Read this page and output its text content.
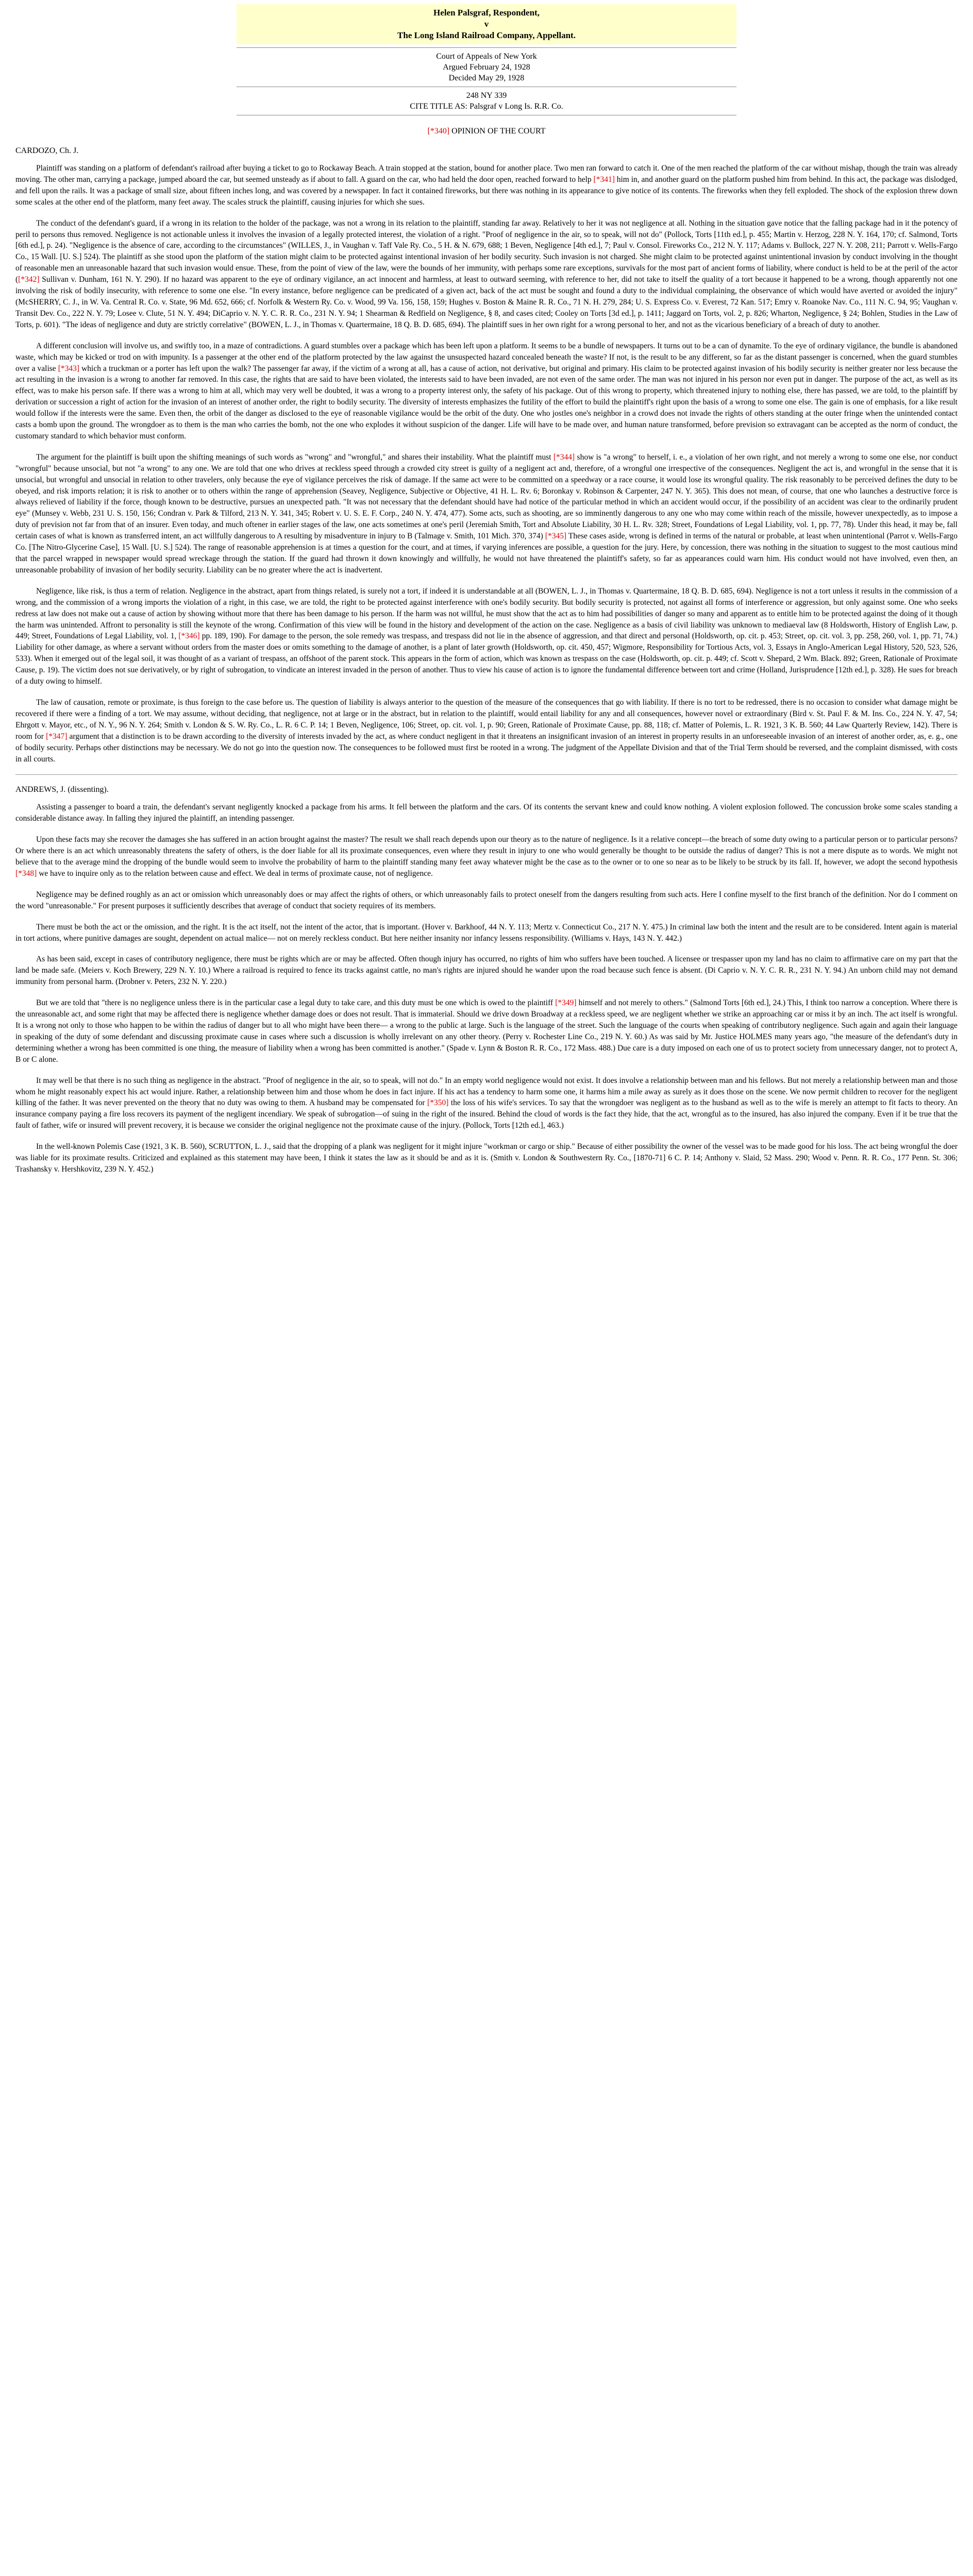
Helen Palsgraf, Respondent,
v
The Long Island Railroad Company, Appellant.
Court of Appeals of New York
Argued February 24, 1928
Decided May 29, 1928
248 NY 339
CITE TITLE AS: Palsgraf v Long Is. R.R. Co.
[*340] OPINION OF THE COURT
CARDOZO, Ch. J.

Plaintiff was standing on a platform of defendant's railroad after buying a ticket to go to Rockaway Beach. A train stopped at the station, bound for another place. Two men ran forward to catch it. One of the men reached the platform of the car without mishap, though the train was already moving. The other man, carrying a package, jumped aboard the car, but seemed unsteady as if about to fall. A guard on the car, who had held the door open, reached forward to help [*341] him in, and another guard on the platform pushed him from behind. In this act, the package was dislodged, and fell upon the rails. It was a package of small size, about fifteen inches long, and was covered by a newspaper. In fact it contained fireworks, but there was nothing in its appearance to give notice of its contents. The fireworks when they fell exploded. The shock of the explosion threw down some scales at the other end of the platform, many feet away. The scales struck the plaintiff, causing injuries for which she sues.

The conduct of the defendant's guard, if a wrong in its relation to the holder of the package, was not a wrong in its relation to the plaintiff, standing far away. Relatively to her it was not negligence at all. Nothing in the situation gave notice that the falling package had in it the potency of peril to persons thus removed. Negligence is not actionable unless it involves the invasion of a legally protected interest, the violation of a right. "Proof of negligence in the air, so to speak, will not do" (Pollock, Torts [11th ed.], p. 455; Martin v. Herzog, 228 N. Y. 164, 170; cf. Salmond, Torts [6th ed.], p. 24). "Negligence is the absence of care, according to the circumstances" (WILLES, J., in Vaughan v. Taff Vale Ry. Co., 5 H. & N. 679, 688; 1 Beven, Negligence [4th ed.], 7; Paul v. Consol. Fireworks Co., 212 N. Y. 117; Adams v. Bullock, 227 N. Y. 208, 211; Parrott v. Wells-Fargo Co., 15 Wall. [U. S.] 524). The plaintiff as she stood upon the platform of the station might claim to be protected against intentional invasion of her bodily security. Such invasion is not charged. She might claim to be protected against unintentional invasion by conduct involving in the thought of reasonable men an unreasonable hazard that such invasion would ensue. These, from the point of view of the law, were the bounds of her immunity, with perhaps some rare exceptions, survivals for the most part of ancient forms of liability, where conduct is held to be at the peril of the actor ([*342] Sullivan v. Dunham, 161 N. Y. 290). If no hazard was apparent to the eye of ordinary vigilance, an act innocent and harmless, at least to outward seeming, with reference to her, did not take to itself the quality of a tort because it happened to be a wrong, though apparently not one involving the risk of bodily insecurity, with reference to some one else. "In every instance, before negligence can be predicated of a given act, back of the act must be sought and found a duty to the individual complaining, the observance of which would have averted or avoided the injury" (McSHERRY, C. J., in W. Va. Central R. Co. v. State, 96 Md. 652, 666; cf. Norfolk & Western Ry. Co. v. Wood, 99 Va. 156, 158, 159; Hughes v. Boston & Maine R. R. Co., 71 N. H. 279, 284; U. S. Express Co. v. Everest, 72 Kan. 517; Emry v. Roanoke Nav. Co., 111 N. C. 94, 95; Vaughan v. Transit Dev. Co., 222 N. Y. 79; Losee v. Clute, 51 N. Y. 494; DiCaprio v. N. Y. C. R. R. Co., 231 N. Y. 94; 1 Shearman & Redfield on Negligence, § 8, and cases cited; Cooley on Torts [3d ed.], p. 1411; Jaggard on Torts, vol. 2, p. 826; Wharton, Negligence, § 24; Bohlen, Studies in the Law of Torts, p. 601). "The ideas of negligence and duty are strictly correlative" (BOWEN, L. J., in Thomas v. Quartermaine, 18 Q. B. D. 685, 694). The plaintiff sues in her own right for a wrong personal to her, and not as the vicarious beneficiary of a breach of duty to another.

A different conclusion will involve us, and swiftly too, in a maze of contradictions. A guard stumbles over a package which has been left upon a platform. It seems to be a bundle of newspapers. It turns out to be a can of dynamite. To the eye of ordinary vigilance, the bundle is abandoned waste, which may be kicked or trod on with impunity. Is a passenger at the other end of the platform protected by the law against the unsuspected hazard concealed beneath the waste? If not, is the result to be any different, so far as the distant passenger is concerned, when the guard stumbles over a valise [*343] which a truckman or a porter has left upon the walk? The passenger far away, if the victim of a wrong at all, has a cause of action, not derivative, but original and primary. His claim to be protected against invasion of his bodily security is neither greater nor less because the act resulting in the invasion is a wrong to another far removed. In this case, the rights that are said to have been violated, the interests said to have been invaded, are not even of the same order. The man was not injured in his person nor even put in danger. The purpose of the act, as well as its effect, was to make his person safe. If there was a wrong to him at all, which may very well be doubted, it was a wrong to a property interest only, the safety of his package. Out of this wrong to property, which threatened injury to nothing else, there has passed, we are told, to the plaintiff by derivation or succession a right of action for the invasion of an interest of another order, the right to bodily security. The diversity of interests emphasizes the futility of the effort to build the plaintiff's right upon the basis of a wrong to some one else. The gain is one of emphasis, for a like result would follow if the interests were the same. Even then, the orbit of the danger as disclosed to the eye of reasonable vigilance would be the orbit of the duty. One who jostles one's neighbor in a crowd does not invade the rights of others standing at the outer fringe when the unintended contact casts a bomb upon the ground. The wrongdoer as to them is the man who carries the bomb, not the one who explodes it without suspicion of the danger. Life will have to be made over, and human nature transformed, before prevision so extravagant can be accepted as the norm of conduct, the customary standard to which behavior must conform.

The argument for the plaintiff is built upon the shifting meanings of such words as "wrong" and "wrongful," and shares their instability. What the plaintiff must [*344] show is "a wrong" to herself, i. e., a violation of her own right, and not merely a wrong to some one else, nor conduct "wrongful" because unsocial, but not "a wrong" to any one. We are told that one who drives at reckless speed through a crowded city street is guilty of a negligent act and, therefore, of a wrongful one irrespective of the consequences. Negligent the act is, and wrongful in the sense that it is unsocial, but wrongful and unsocial in relation to other travelers, only because the eye of vigilance perceives the risk of damage. If the same act were to be committed on a speedway or a race course, it would lose its wrongful quality. The risk reasonably to be perceived defines the duty to be obeyed, and risk imports relation; it is risk to another or to others within the range of apprehension (Seavey, Negligence, Subjective or Objective, 41 H. L. Rv. 6; Boronkay v. Robinson & Carpenter, 247 N. Y. 365). This does not mean, of course, that one who launches a destructive force is always relieved of liability if the force, though known to be destructive, pursues an unexpected path. "It was not necessary that the defendant should have had notice of the particular method in which an accident would occur, if the possibility of an accident was clear to the ordinarily prudent eye" (Munsey v. Webb, 231 U. S. 150, 156; Condran v. Park & Tilford, 213 N. Y. 341, 345; Robert v. U. S. E. F. Corp., 240 N. Y. 474, 477). Some acts, such as shooting, are so imminently dangerous to any one who may come within reach of the missile, however unexpectedly, as to impose a duty of prevision not far from that of an insurer. Even today, and much oftener in earlier stages of the law, one acts sometimes at one's peril (Jeremiah Smith, Tort and Absolute Liability, 30 H. L. Rv. 328; Street, Foundations of Legal Liability, vol. 1, pp. 77, 78). Under this head, it may be, fall certain cases of what is known as transferred intent, an act willfully dangerous to A resulting by misadventure in injury to B (Talmage v. Smith, 101 Mich. 370, 374) [*345] These cases aside, wrong is defined in terms of the natural or probable, at least when unintentional (Parrot v. Wells-Fargo Co. [The Nitro-Glycerine Case], 15 Wall. [U. S.] 524). The range of reasonable apprehension is at times a question for the court, and at times, if varying inferences are possible, a question for the jury. Here, by concession, there was nothing in the situation to suggest to the most cautious mind that the parcel wrapped in newspaper would spread wreckage through the station. If the guard had thrown it down knowingly and willfully, he would not have threatened the plaintiff's safety, so far as appearances could warn him. His conduct would not have involved, even then, an unreasonable probability of invasion of her bodily security. Liability can be no greater where the act is inadvertent.

Negligence, like risk, is thus a term of relation. Negligence in the abstract, apart from things related, is surely not a tort, if indeed it is understandable at all (BOWEN, L. J., in Thomas v. Quartermaine, 18 Q. B. D. 685, 694). Negligence is not a tort unless it results in the commission of a wrong, and the commission of a wrong imports the violation of a right, in this case, we are told, the right to be protected against interference with one's bodily security. But bodily security is protected, not against all forms of interference or aggression, but only against some. One who seeks redress at law does not make out a cause of action by showing without more that there has been damage to his person. If the harm was not willful, he must show that the act as to him had possibilities of danger so many and apparent as to entitle him to be protected against the doing of it though the harm was unintended. Affront to personality is still the keynote of the wrong. Confirmation of this view will be found in the history and development of the action on the case. Negligence as a basis of civil liability was unknown to mediaeval law (8 Holdsworth, History of English Law, p. 449; Street, Foundations of Legal Liability, vol. 1, [*346] pp. 189, 190). For damage to the person, the sole remedy was trespass, and trespass did not lie in the absence of aggression, and that direct and personal (Holdsworth, op. cit. p. 453; Street, op. cit. vol. 3, pp. 258, 260, vol. 1, pp. 71, 74.) Liability for other damage, as where a servant without orders from the master does or omits something to the damage of another, is a plant of later growth (Holdsworth, op. cit. 450, 457; Wigmore, Responsibility for Tortious Acts, vol. 3, Essays in Anglo-American Legal History, 520, 523, 526, 533). When it emerged out of the legal soil, it was thought of as a variant of trespass, an offshoot of the parent stock. This appears in the form of action, which was known as trespass on the case (Holdsworth, op. cit. p. 449; cf. Scott v. Shepard, 2 Wm. Black. 892; Green, Rationale of Proximate Cause, p. 19). The victim does not sue derivatively, or by right of subrogation, to vindicate an interest invaded in the person of another. Thus to view his cause of action is to ignore the fundamental difference between tort and crime (Holland, Jurisprudence [12th ed.], p. 328). He sues for breach of a duty owing to himself.

The law of causation, remote or proximate, is thus foreign to the case before us. The question of liability is always anterior to the question of the measure of the consequences that go with liability. If there is no tort to be redressed, there is no occasion to consider what damage might be recovered if there were a finding of a tort. We may assume, without deciding, that negligence, not at large or in the abstract, but in relation to the plaintiff, would entail liability for any and all consequences, however novel or extraordinary (Bird v. St. Paul F. & M. Ins. Co., 224 N. Y. 47, 54; Ehrgott v. Mayor, etc., of N. Y., 96 N. Y. 264; Smith v. London & S. W. Ry. Co., L. R. 6 C. P. 14; 1 Beven, Negligence, 106; Street, op. cit. vol. 1, p. 90; Green, Rationale of Proximate Cause, pp. 88, 118; cf. Matter of Polemis, L. R. 1921, 3 K. B. 560; 44 Law Quarterly Review, 142). There is room for [*347] argument that a distinction is to be drawn according to the diversity of interests invaded by the act, as where conduct negligent in that it threatens an insignificant invasion of an interest in property results in an unforeseeable invasion of an interest of another order, as, e. g., one of bodily security. Perhaps other distinctions may be necessary. We do not go into the question now. The consequences to be followed must first be rooted in a wrong. The judgment of the Appellate Division and that of the Trial Term should be reversed, and the complaint dismissed, with costs in all courts.

ANDREWS, J. (dissenting).

Assisting a passenger to board a train, the defendant's servant negligently knocked a package from his arms. It fell between the platform and the cars. Of its contents the servant knew and could know nothing. A violent explosion followed. The concussion broke some scales standing a considerable distance away. In falling they injured the plaintiff, an intending passenger.

Upon these facts may she recover the damages she has suffered in an action brought against the master? The result we shall reach depends upon our theory as to the nature of negligence. Is it a relative concept—the breach of some duty owing to a particular person or to particular persons? Or where there is an act which unreasonably threatens the safety of others, is the doer liable for all its proximate consequences, even where they result in injury to one who would generally be thought to be outside the radius of danger? This is not a mere dispute as to words. We might not believe that to the average mind the dropping of the bundle would seem to involve the probability of harm to the plaintiff standing many feet away whatever might be the case as to the owner or to one so near as to be likely to be struck by its fall. If, however, we adopt the second hypothesis [*348] we have to inquire only as to the relation between cause and effect. We deal in terms of proximate cause, not of negligence.

Negligence may be defined roughly as an act or omission which unreasonably does or may affect the rights of others, or which unreasonably fails to protect oneself from the dangers resulting from such acts. Here I confine myself to the first branch of the definition. Nor do I comment on the word "unreasonable." For present purposes it sufficiently describes that average of conduct that society requires of its members.

There must be both the act or the omission, and the right. It is the act itself, not the intent of the actor, that is important. (Hover v. Barkhoof, 44 N. Y. 113; Mertz v. Connecticut Co., 217 N. Y. 475.) In criminal law both the intent and the result are to be considered. Intent again is material in tort actions, where punitive damages are sought, dependent on actual malice— not on merely reckless conduct. But here neither insanity nor infancy lessens responsibility. (Williams v. Hays, 143 N. Y. 442.)

As has been said, except in cases of contributory negligence, there must be rights which are or may be affected. Often though injury has occurred, no rights of him who suffers have been touched. A licensee or trespasser upon my land has no claim to affirmative care on my part that the land be made safe. (Meiers v. Koch Brewery, 229 N. Y. 10.) Where a railroad is required to fence its tracks against cattle, no man's rights are injured should he wander upon the road because such fence is absent. (Di Caprio v. N. Y. C. R. R., 231 N. Y. 94.) An unborn child may not demand immunity from personal harm. (Drobner v. Peters, 232 N. Y. 220.)

But we are told that "there is no negligence unless there is in the particular case a legal duty to take care, and this duty must be one which is owed to the plaintiff [*349] himself and not merely to others." (Salmond Torts [6th ed.], 24.) This, I think too narrow a conception. Where there is the unreasonable act, and some right that may be affected there is negligence whether damage does or does not result. That is immaterial. Should we drive down Broadway at a reckless speed, we are negligent whether we strike an approaching car or miss it by an inch. The act itself is wrongful. It is a wrong not only to those who happen to be within the radius of danger but to all who might have been there— a wrong to the public at large. Such is the language of the street. Such the language of the courts when speaking of contributory negligence. Such again and again their language in speaking of the duty of some defendant and discussing proximate cause in cases where such a discussion is wholly irrelevant on any other theory. (Perry v. Rochester Line Co., 219 N. Y. 60.) As was said by Mr. Justice HOLMES many years ago, "the measure of the defendant's duty in determining whether a wrong has been committed is one thing, the measure of liability when a wrong has been committed is another." (Spade v. Lynn & Boston R. R. Co., 172 Mass. 488.) Due care is a duty imposed on each one of us to protect society from unnecessary danger, not to protect A, B or C alone.

It may well be that there is no such thing as negligence in the abstract. "Proof of negligence in the air, so to speak, will not do." In an empty world negligence would not exist. It does involve a relationship between man and his fellows. But not merely a relationship between man and those whom he might reasonably expect his act would injure. Rather, a relationship between him and those whom he does in fact injure. If his act has a tendency to harm some one, it harms him a mile away as surely as it does those on the scene. We now permit children to recover for the negligent killing of the father. It was never prevented on the theory that no duty was owing to them. A husband may be compensated for [*350] the loss of his wife's services. To say that the wrongdoer was negligent as to the husband as well as to the wife is merely an attempt to fit facts to theory. An insurance company paying a fire loss recovers its payment of the negligent incendiary. We speak of subrogation—of suing in the right of the insured. Behind the cloud of words is the fact they hide, that the act, wrongful as to the insured, has also injured the company. Even if it be true that the fault of father, wife or insured will prevent recovery, it is because we consider the original negligence not the proximate cause of the injury. (Pollock, Torts [12th ed.], 463.)

In the well-known Polemis Case (1921, 3 K. B. 560), SCRUTTON, L. J., said that the dropping of a plank was negligent for it might injure "workman or cargo or ship." Because of either possibility the owner of the vessel was to be made good for his loss. The act being wrongful the doer was liable for its proximate results. Criticized and explained as this statement may have been, I think it states the law as it should be and as it is. (Smith v. London & Southwestern Ry. Co., [1870-71] 6 C. P. 14; Anthony v. Slaid, 52 Mass. 290; Wood v. Penn. R. R. Co., 177 Penn. St. 306; Trashansky v. Hershkovitz, 239 N. Y. 452.)
